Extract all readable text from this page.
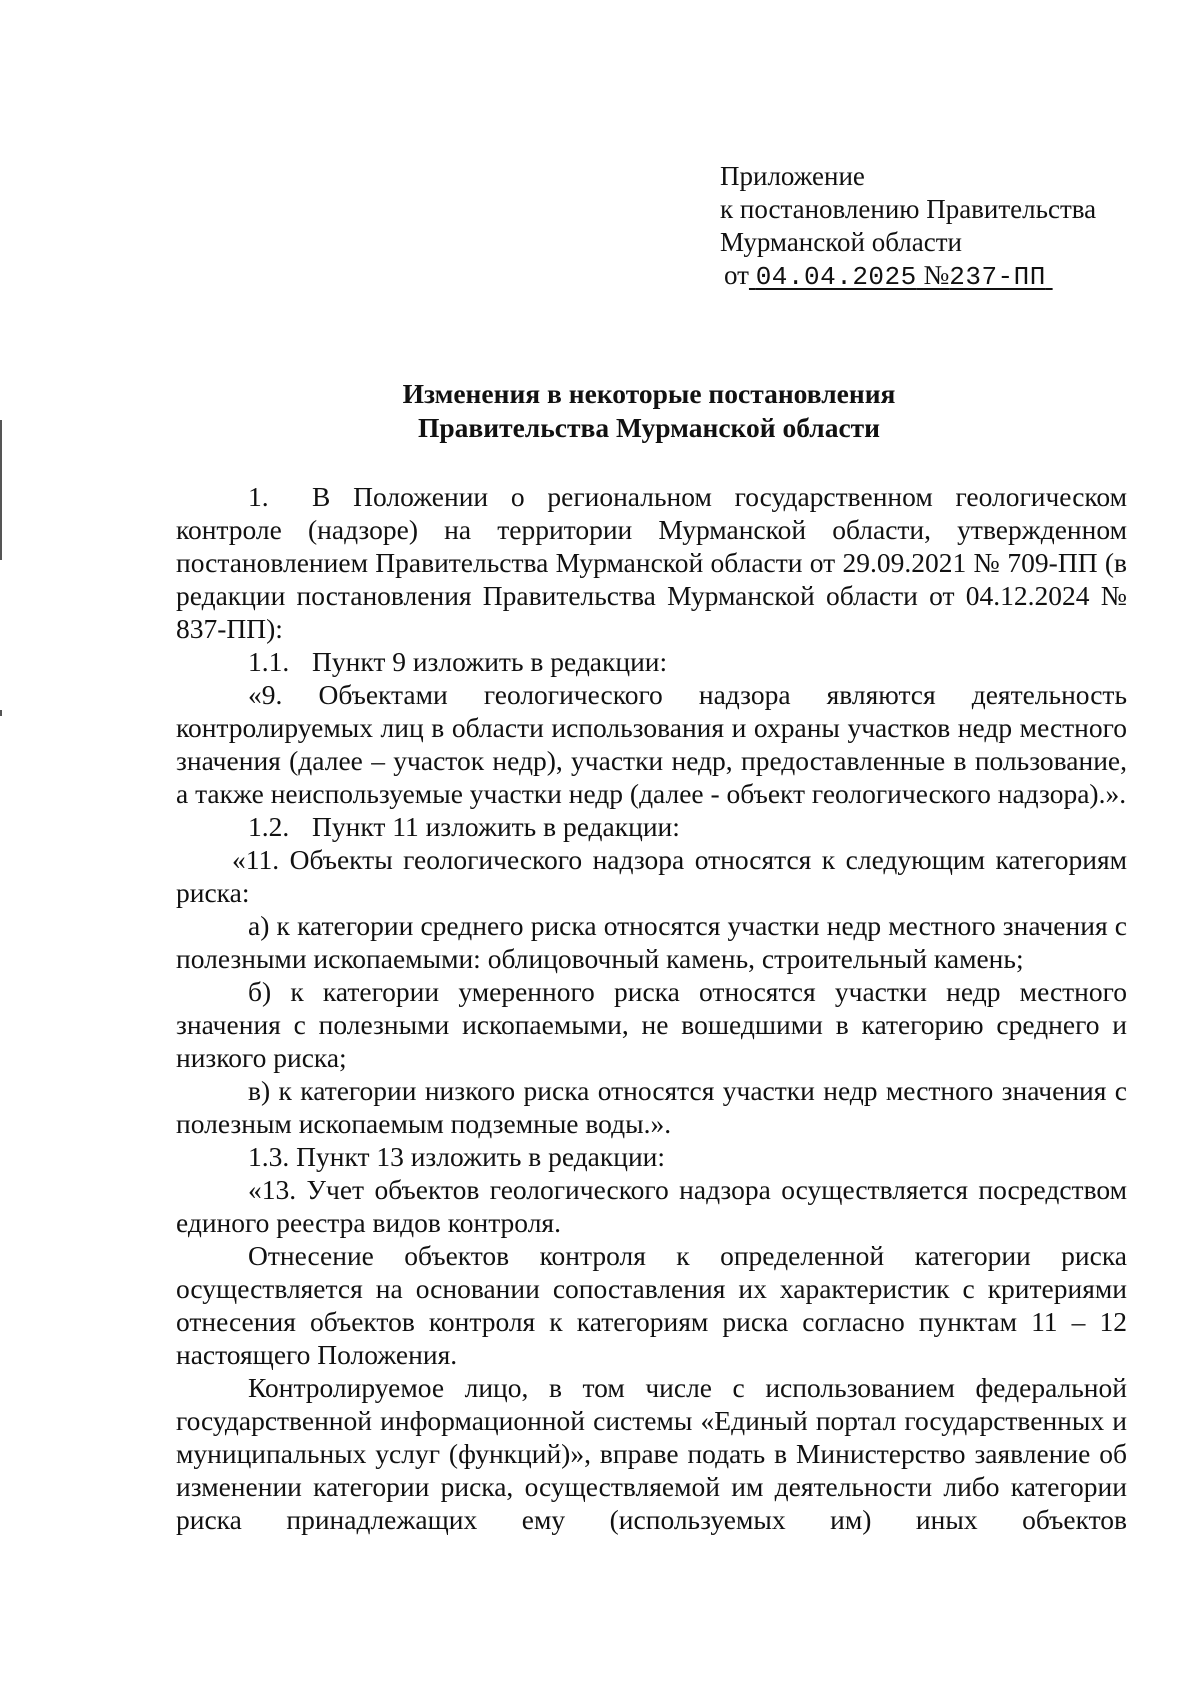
Приложение
к постановлению Правительства
Мурманской области
от 04.04.2025 №237-ПП
Изменения в некоторые постановления
Правительства Мурманской области

1. В Положении о региональном государственном геологическом контроле (надзоре) на территории Мурманской области, утвержденном постановлением Правительства Мурманской области от 29.09.2021 № 709-ПП (в редакции постановления Правительства Мурманской области от 04.12.2024 № 837-ПП):

1.1. Пункт 9 изложить в редакции:

«9. Объектами геологического надзора являются деятельность контролируемых лиц в области использования и охраны участков недр местного значения (далее – участок недр), участки недр, предоставленные в пользование, а также неиспользуемые участки недр (далее - объект геологического надзора).».

1.2. Пункт 11 изложить в редакции:

«11. Объекты геологического надзора относятся к следующим категориям риска:

а) к категории среднего риска относятся участки недр местного значения с полезными ископаемыми: облицовочный камень, строительный камень;

б) к категории умеренного риска относятся участки недр местного значения с полезными ископаемыми, не вошедшими в категорию среднего и низкого риска;

в) к категории низкого риска относятся участки недр местного значения с полезным ископаемым подземные воды.».

1.3. Пункт 13 изложить в редакции:

«13. Учет объектов геологического надзора осуществляется посредством единого реестра видов контроля.

Отнесение объектов контроля к определенной категории риска осуществляется на основании сопоставления их характеристик с критериями отнесения объектов контроля к категориям риска согласно пунктам 11 – 12 настоящего Положения.

Контролируемое лицо, в том числе с использованием федеральной государственной информационной системы «Единый портал государственных и муниципальных услуг (функций)», вправе подать в Министерство заявление об изменении категории риска, осуществляемой им деятельности либо категории риска принадлежащих ему (используемых им) иных объектов
